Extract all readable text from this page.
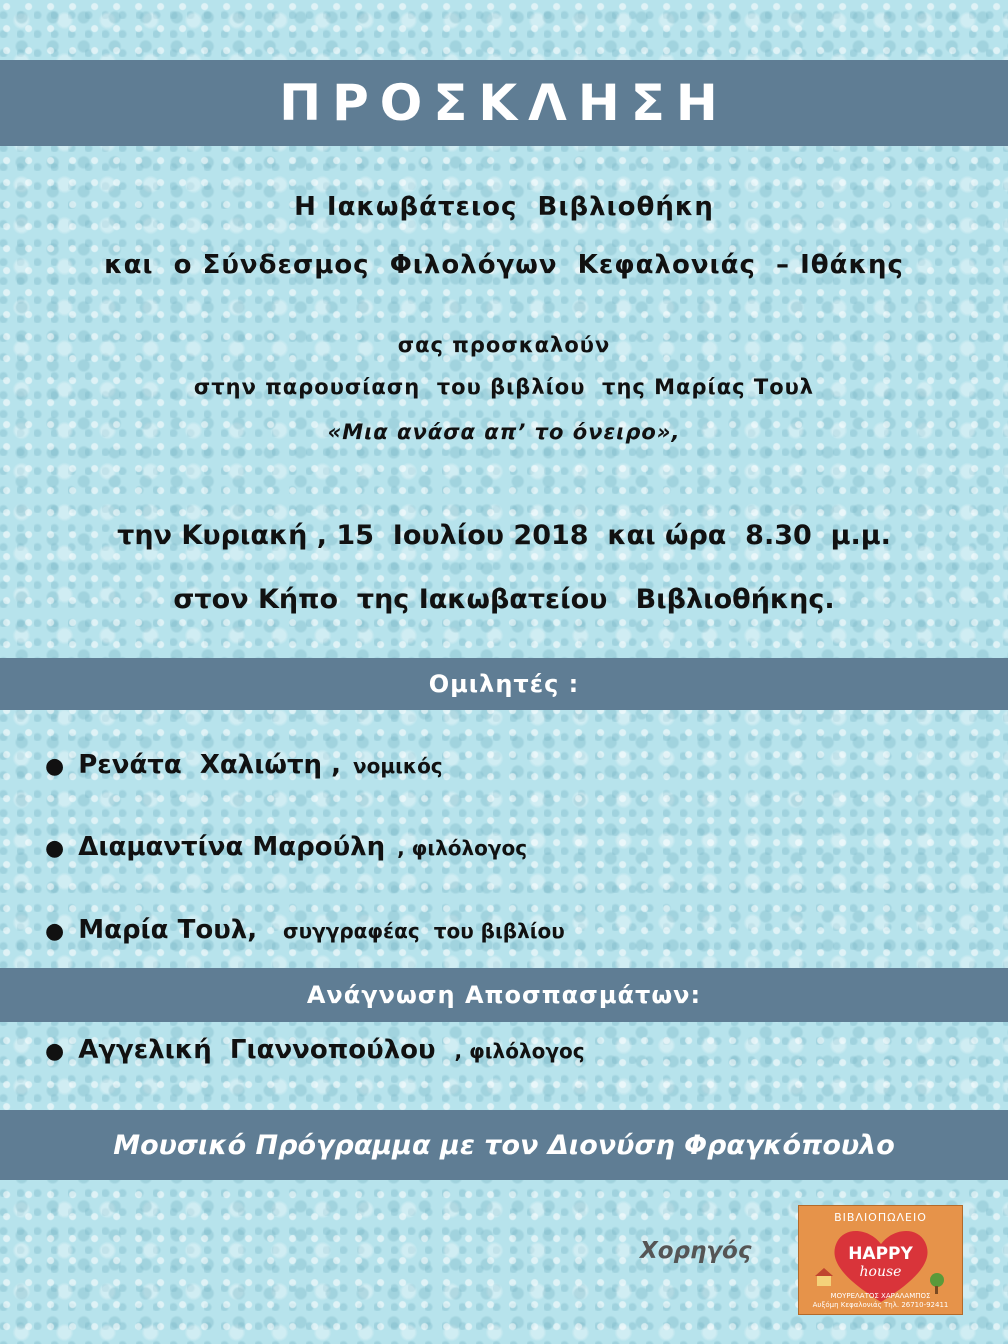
ΠΡΟΣΚΛΗΣΗ
Η Ιακωβάτειος  Βιβλιοθήκη
και  ο Σύνδεσμος  Φιλολόγων  Κεφαλονιάς  – Ιθάκης
σας προσκαλούν
στην παρουσίαση  του βιβλίου  της Μαρίας Τουλ
«Μια ανάσα απ’ το όνειρο»,
την Κυριακή , 15  Ιουλίου 2018  και ώρα  8.30  μ.μ.
στον Κήπο  της Ιακωβατείου   Βιβλιοθήκης.
Ομιλητές :
● Ρενάτα  Χαλιώτη , νομικός
● Διαμαντίνα Μαρούλη , φιλόλογος
● Μαρία Τουλ, συγγραφέας  του βιβλίου
Ανάγνωση Αποσπασμάτων:
● Αγγελική  Γιαννοπούλου , φιλόλογος
Μουσικό Πρόγραμμα με τον Διονύση Φραγκόπουλο
Χορηγός
ΒΙΒΛΙΟΠΩΛΕΙΟ
HAPPY
house
ΜΟΥΡΕΛΑΤΟΣ ΧΑΡΑΛΑΜΠΟΣ
Αυξόμη Κεφαλονιάς Τηλ. 26710-92411
